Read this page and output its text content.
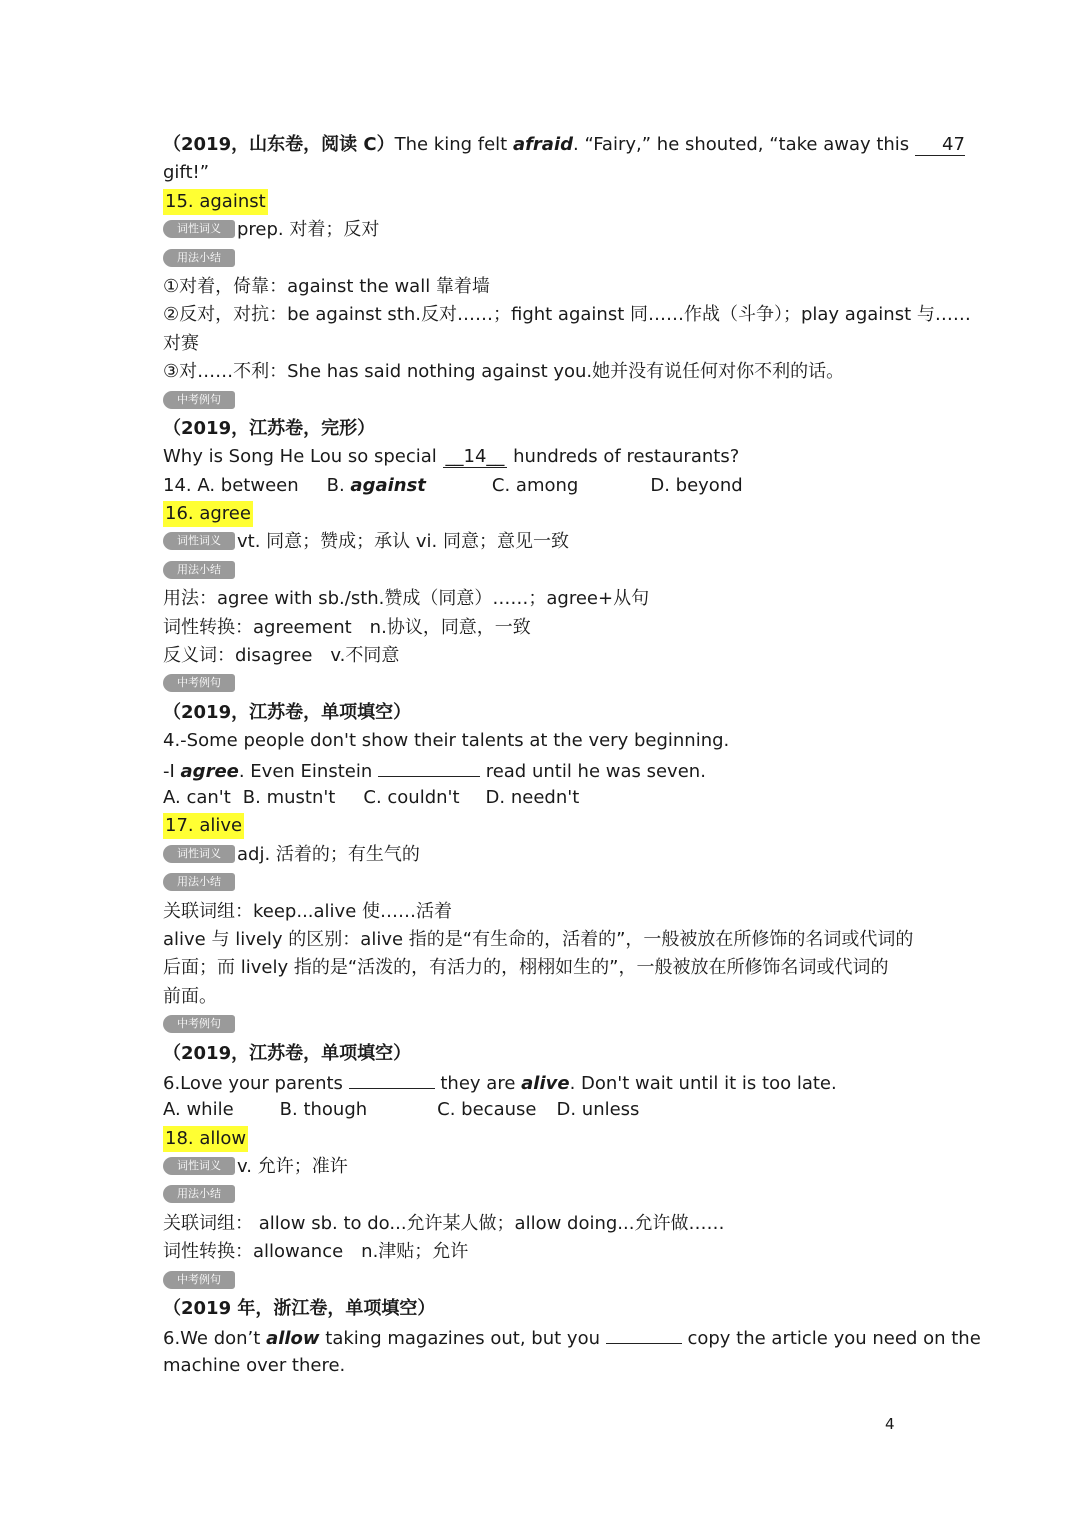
（2019，山东卷，阅读 C）The king felt afraid. “Fairy,” he shouted, “take away this 47
gift!”
15. against
词性词义 prep. 对着；反对
用法小结
①对着，倚靠：against the wall 靠着墙
②反对，对抗：be against sth.反对……；fight against 同……作战（斗争）；play against 与……
对赛
③对……不利：She has said nothing against you.她并没有说任何对你不利的话。
中考例句
（2019，江苏卷，完形）
Why is Song He Lou so special __14__ hundreds of restaurants?
14. A. between B. against	C. among	D. beyond
16. agree
词性词义 vt. 同意；赞成；承认 vi. 同意；意见一致
用法小结
用法：agree with sb./sth.赞成（同意）……；agree+从句
词性转换：agreement　n.协议，同意，一致
反义词：disagree　v.不同意
中考例句
（2019，江苏卷，单项填空）
4.-Some people don't show their talents at the very beginning.
-I agree. Even Einstein	read until he was seven.
A. can't B. mustn't C. couldn't D. needn't
17. alive
词性词义 adj. 活着的；有生气的
用法小结
关联词组：keep...alive 使……活着
alive 与 lively 的区别：alive 指的是“有生命的，活着的”，一般被放在所修饰的名词或代词的
后面；而 lively 指的是“活泼的，有活力的，栩栩如生的”，一般被放在所修饰名词或代词的
前面。
中考例句
（2019，江苏卷，单项填空）
6.Love your parents	they are alive. Don't wait until it is too late.
A. while	B. though	C. because D. unless
18. allow
词性词义 v. 允许；准许
用法小结
关联词组： allow sb. to do...允许某人做；allow doing...允许做……
词性转换：allowance　n.津贴；允许
中考例句
（2019 年，浙江卷，单项填空）
6.We don’t allow taking magazines out, but you	copy the article you need on the
machine over there.
4
